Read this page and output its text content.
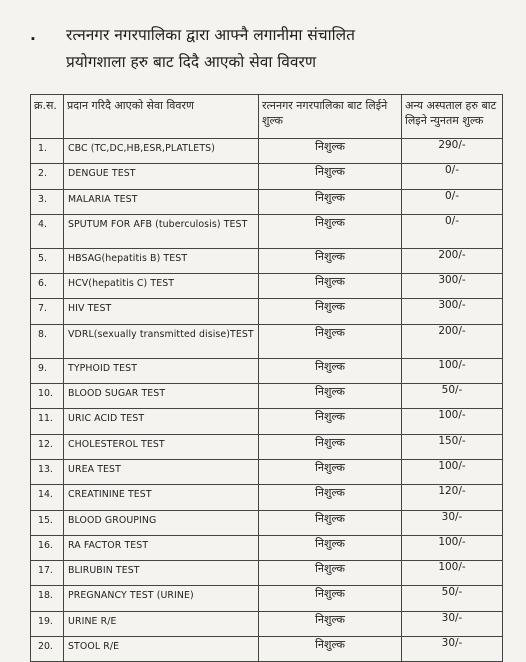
.	रत्ननगर नगरपालिका द्वारा आफ्नै लगानीमा संचालित
प्रयोगशाला हरु बाट दिदै आएको सेवा विवरण
क्र.स.	प्रदान गरिदै आएको सेवा विवरण	रत्ननगर नगरपालिका बाट लिईने शुल्क	अन्य अस्पताल हरु बाट लिइने न्युनतम शुल्क
1.	CBC (TC,DC,HB,ESR,PLATLETS)	निशुल्क	290/-
2.	DENGUE TEST	निशुल्क	0/-
3.	MALARIA TEST	निशुल्क	0/-
4.	SPUTUM FOR AFB (tuberculosis) TEST	निशुल्क	0/-
5.	HBSAG(hepatitis B) TEST	निशुल्क	200/-
6.	HCV(hepatitis C) TEST	निशुल्क	300/-
7.	HIV TEST	निशुल्क	300/-
8.	VDRL(sexually transmitted disise)TEST	निशुल्क	200/-
9.	TYPHOID TEST	निशुल्क	100/-
10.	BLOOD SUGAR TEST	निशुल्क	50/-
11.	URIC ACID TEST	निशुल्क	100/-
12.	CHOLESTEROL TEST	निशुल्क	150/-
13.	UREA TEST	निशुल्क	100/-
14.	CREATININE TEST	निशुल्क	120/-
15.	BLOOD GROUPING	निशुल्क	30/-
16.	RA FACTOR TEST	निशुल्क	100/-
17.	BLIRUBIN TEST	निशुल्क	100/-
18.	PREGNANCY TEST (URINE)	निशुल्क	50/-
19.	URINE R/E	निशुल्क	30/-
20.	STOOL R/E	निशुल्क	30/-
